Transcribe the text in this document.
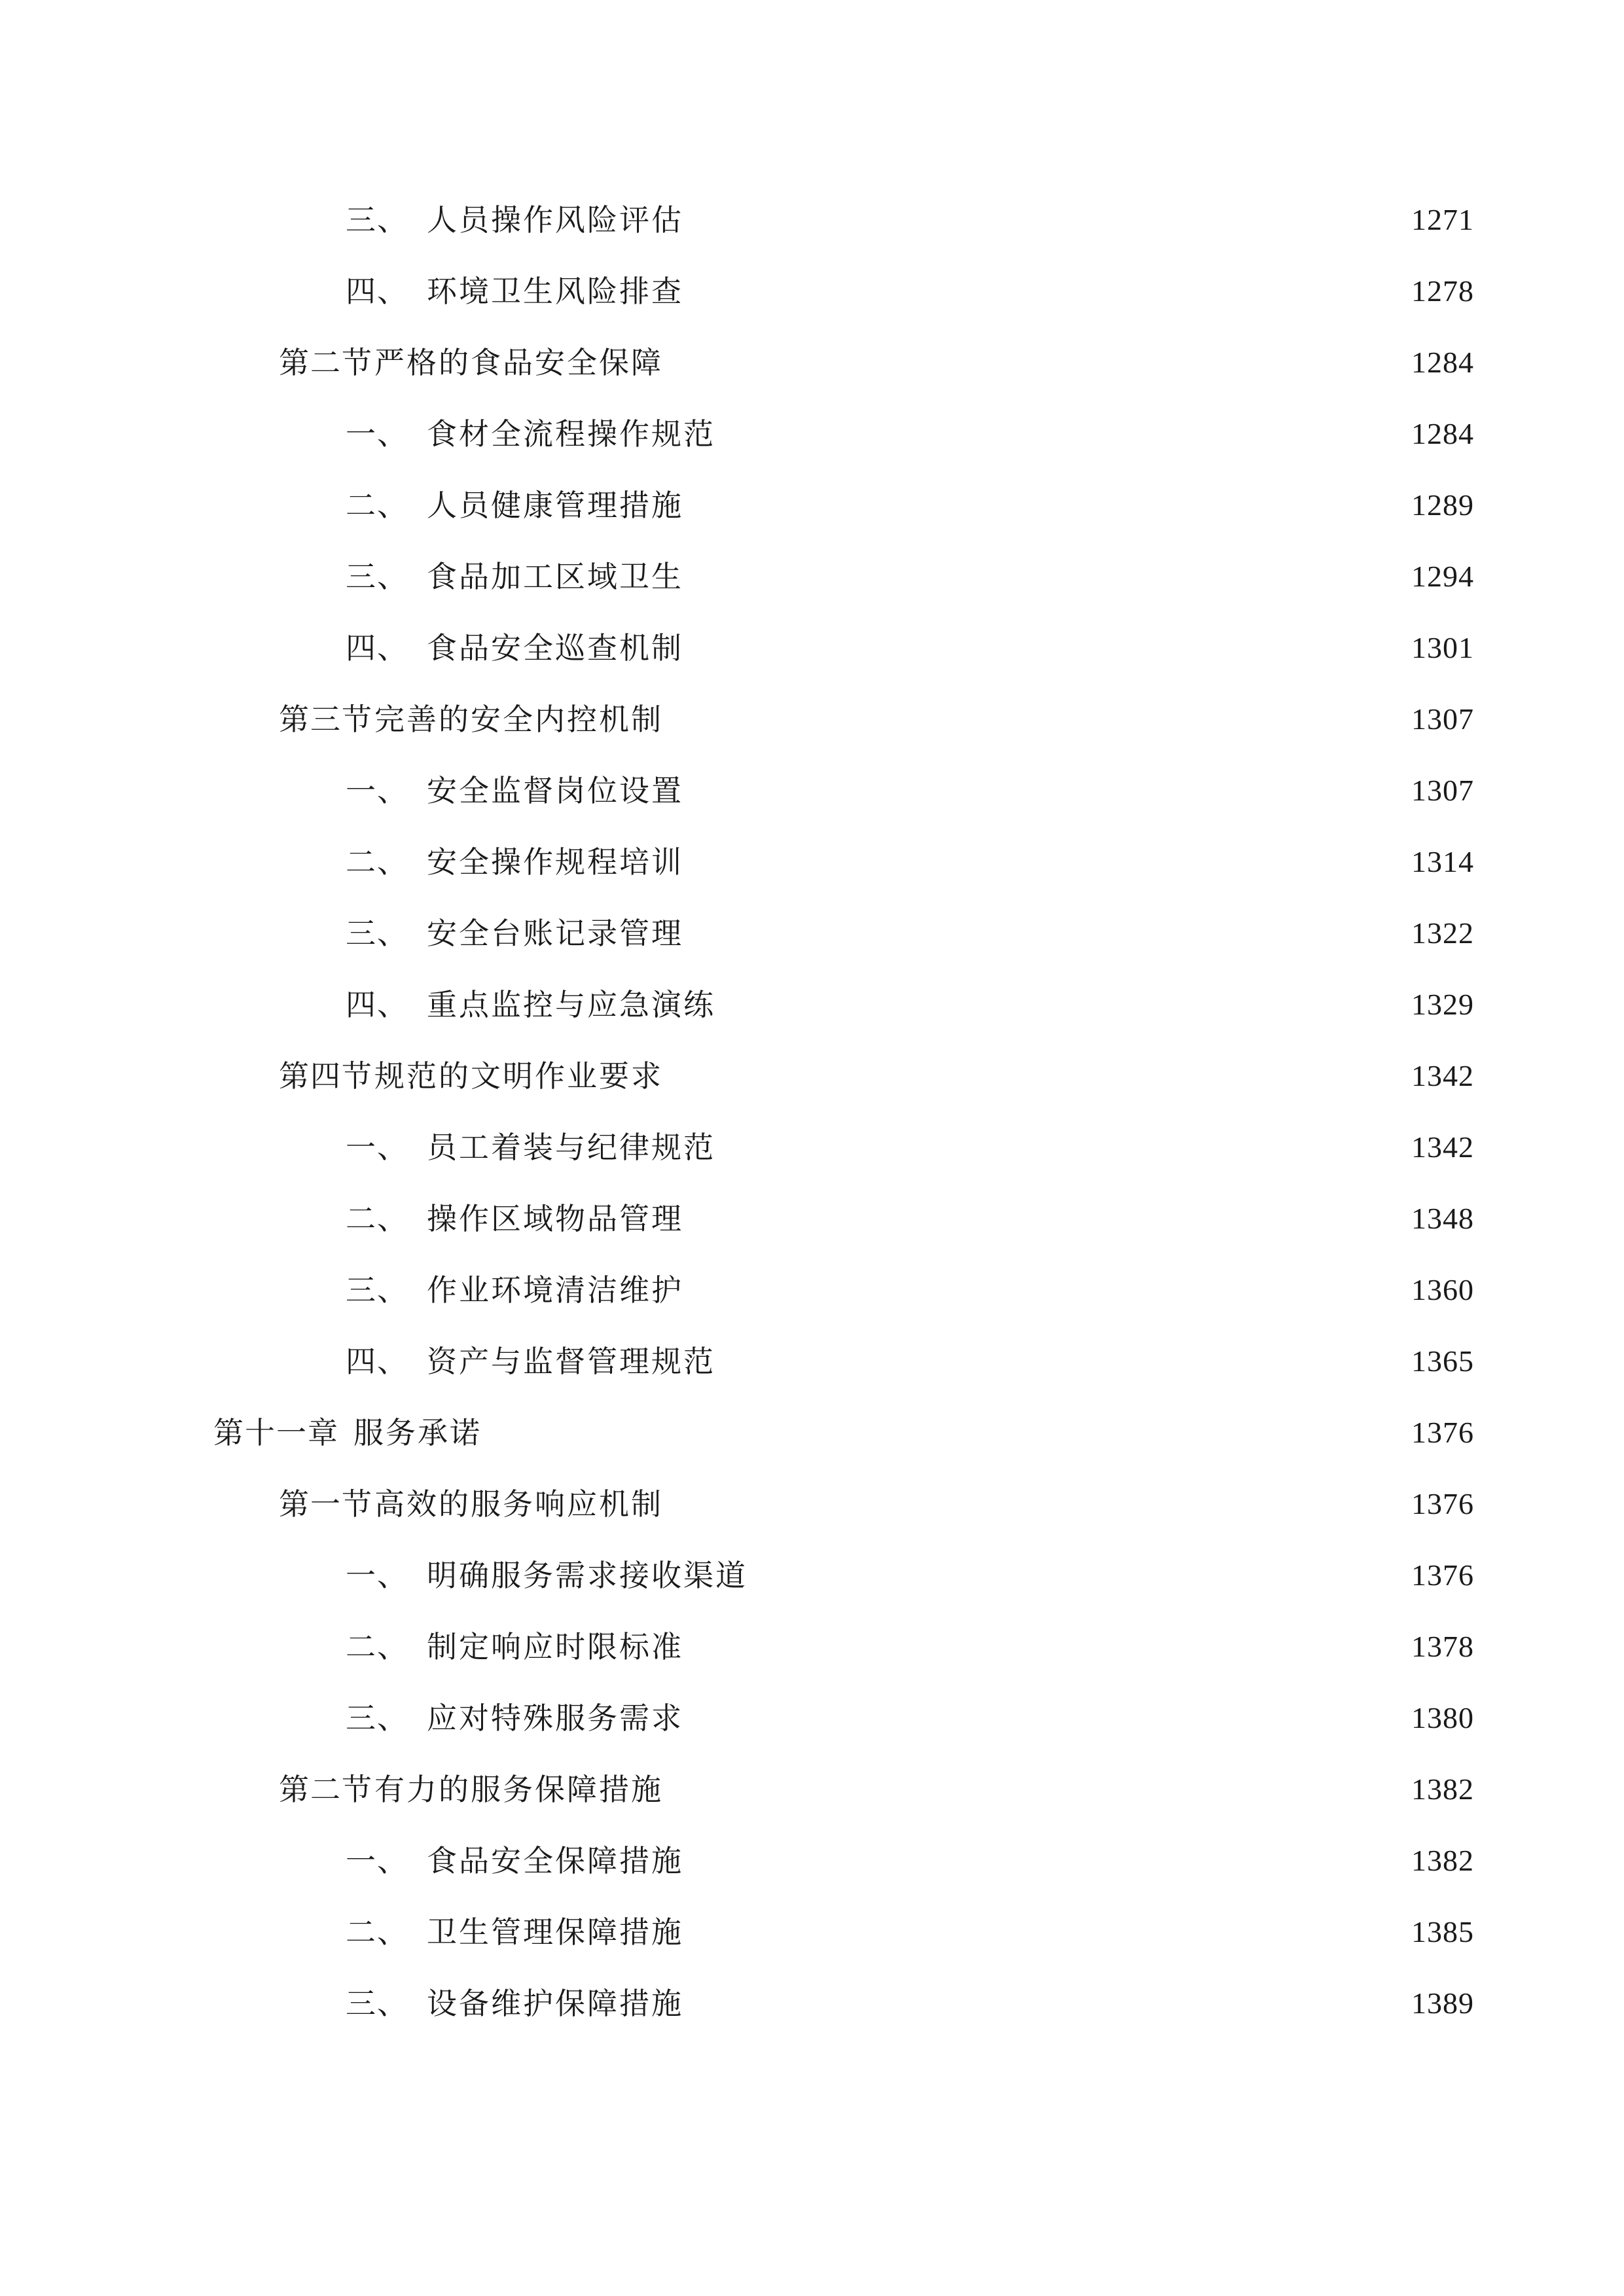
三、 人员操作风险评估	1271
四、 环境卫生风险排查	1278
第二节 严格的食品安全保障	1284
一、 食材全流程操作规范	1284
二、 人员健康管理措施	1289
三、 食品加工区域卫生	1294
四、 食品安全巡查机制	1301
第三节 完善的安全内控机制	1307
一、 安全监督岗位设置	1307
二、 安全操作规程培训	1314
三、 安全台账记录管理	1322
四、 重点监控与应急演练	1329
第四节 规范的文明作业要求	1342
一、 员工着装与纪律规范	1342
二、 操作区域物品管理	1348
三、 作业环境清洁维护	1360
四、 资产与监督管理规范	1365
第十一章 服务承诺	1376
第一节 高效的服务响应机制	1376
一、 明确服务需求接收渠道	1376
二、 制定响应时限标准	1378
三、 应对特殊服务需求	1380
第二节 有力的服务保障措施	1382
一、 食品安全保障措施	1382
二、 卫生管理保障措施	1385
三、 设备维护保障措施	1389
